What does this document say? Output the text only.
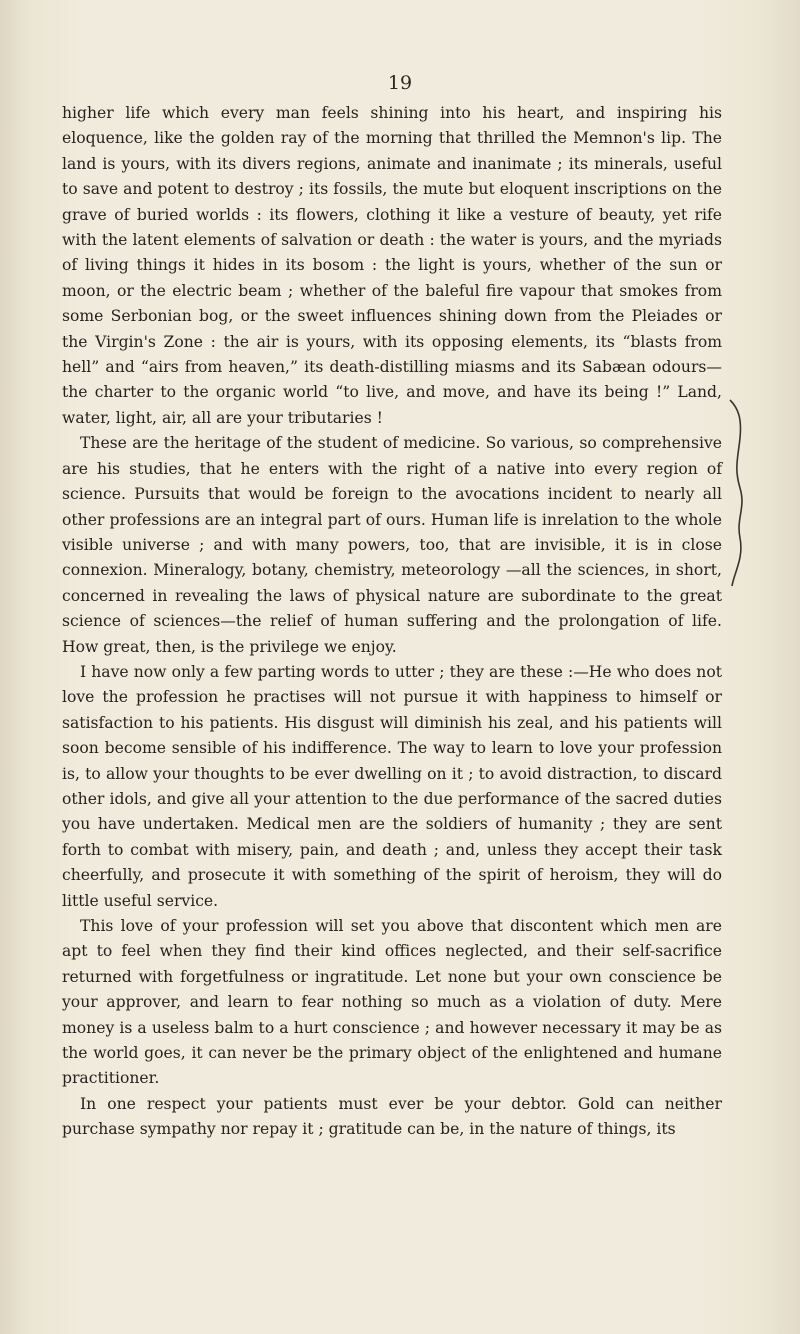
19

higher life which every man feels shining into his heart, and inspiring his eloquence, like the golden ray of the morning that thrilled the Memnon's lip. The land is yours, with its divers regions, animate and inanimate ; its minerals, useful to save and potent to destroy ; its fossils, the mute but eloquent inscriptions on the grave of buried worlds : its flowers, clothing it like a vesture of beauty, yet rife with the latent elements of salvation or death : the water is yours, and the myriads of living things it hides in its bosom : the light is yours, whether of the sun or moon, or the electric beam ; whether of the baleful fire vapour that smokes from some Serbonian bog, or the sweet influences shining down from the Pleiades or the Virgin's Zone : the air is yours, with its opposing elements, its “blasts from hell” and “airs from heaven,” its death-distilling miasms and its Sabæan odours—the charter to the organic world “to live, and move, and have its being !” Land, water, light, air, all are your tributaries !

These are the heritage of the student of medicine. So various, so comprehensive are his studies, that he enters with the right of a native into every region of science. Pursuits that would be foreign to the avocations incident to nearly all other professions are an integral part of ours. Human life is inrelation to the whole visible universe ; and with many powers, too, that are invisible, it is in close connexion. Mineralogy, botany, chemistry, meteorology —all the sciences, in short, concerned in revealing the laws of physical nature are subordinate to the great science of sciences—the relief of human suffering and the prolongation of life. How great, then, is the privilege we enjoy.

I have now only a few parting words to utter ; they are these :—He who does not love the profession he practises will not pursue it with happiness to himself or satisfaction to his patients. His disgust will diminish his zeal, and his patients will soon become sensible of his indifference. The way to learn to love your profession is, to allow your thoughts to be ever dwelling on it ; to avoid distraction, to discard other idols, and give all your attention to the due performance of the sacred duties you have undertaken. Medical men are the soldiers of humanity ; they are sent forth to combat with misery, pain, and death ; and, unless they accept their task cheerfully, and prosecute it with something of the spirit of heroism, they will do little useful service.

This love of your profession will set you above that discontent which men are apt to feel when they find their kind offices neglected, and their self-sacrifice returned with forgetfulness or ingratitude. Let none but your own conscience be your approver, and learn to fear nothing so much as a violation of duty. Mere money is a useless balm to a hurt conscience ; and however necessary it may be as the world goes, it can never be the primary object of the enlightened and humane practitioner.

In one respect your patients must ever be your debtor. Gold can neither purchase sympathy nor repay it ; gratitude can be, in the nature of things, its
